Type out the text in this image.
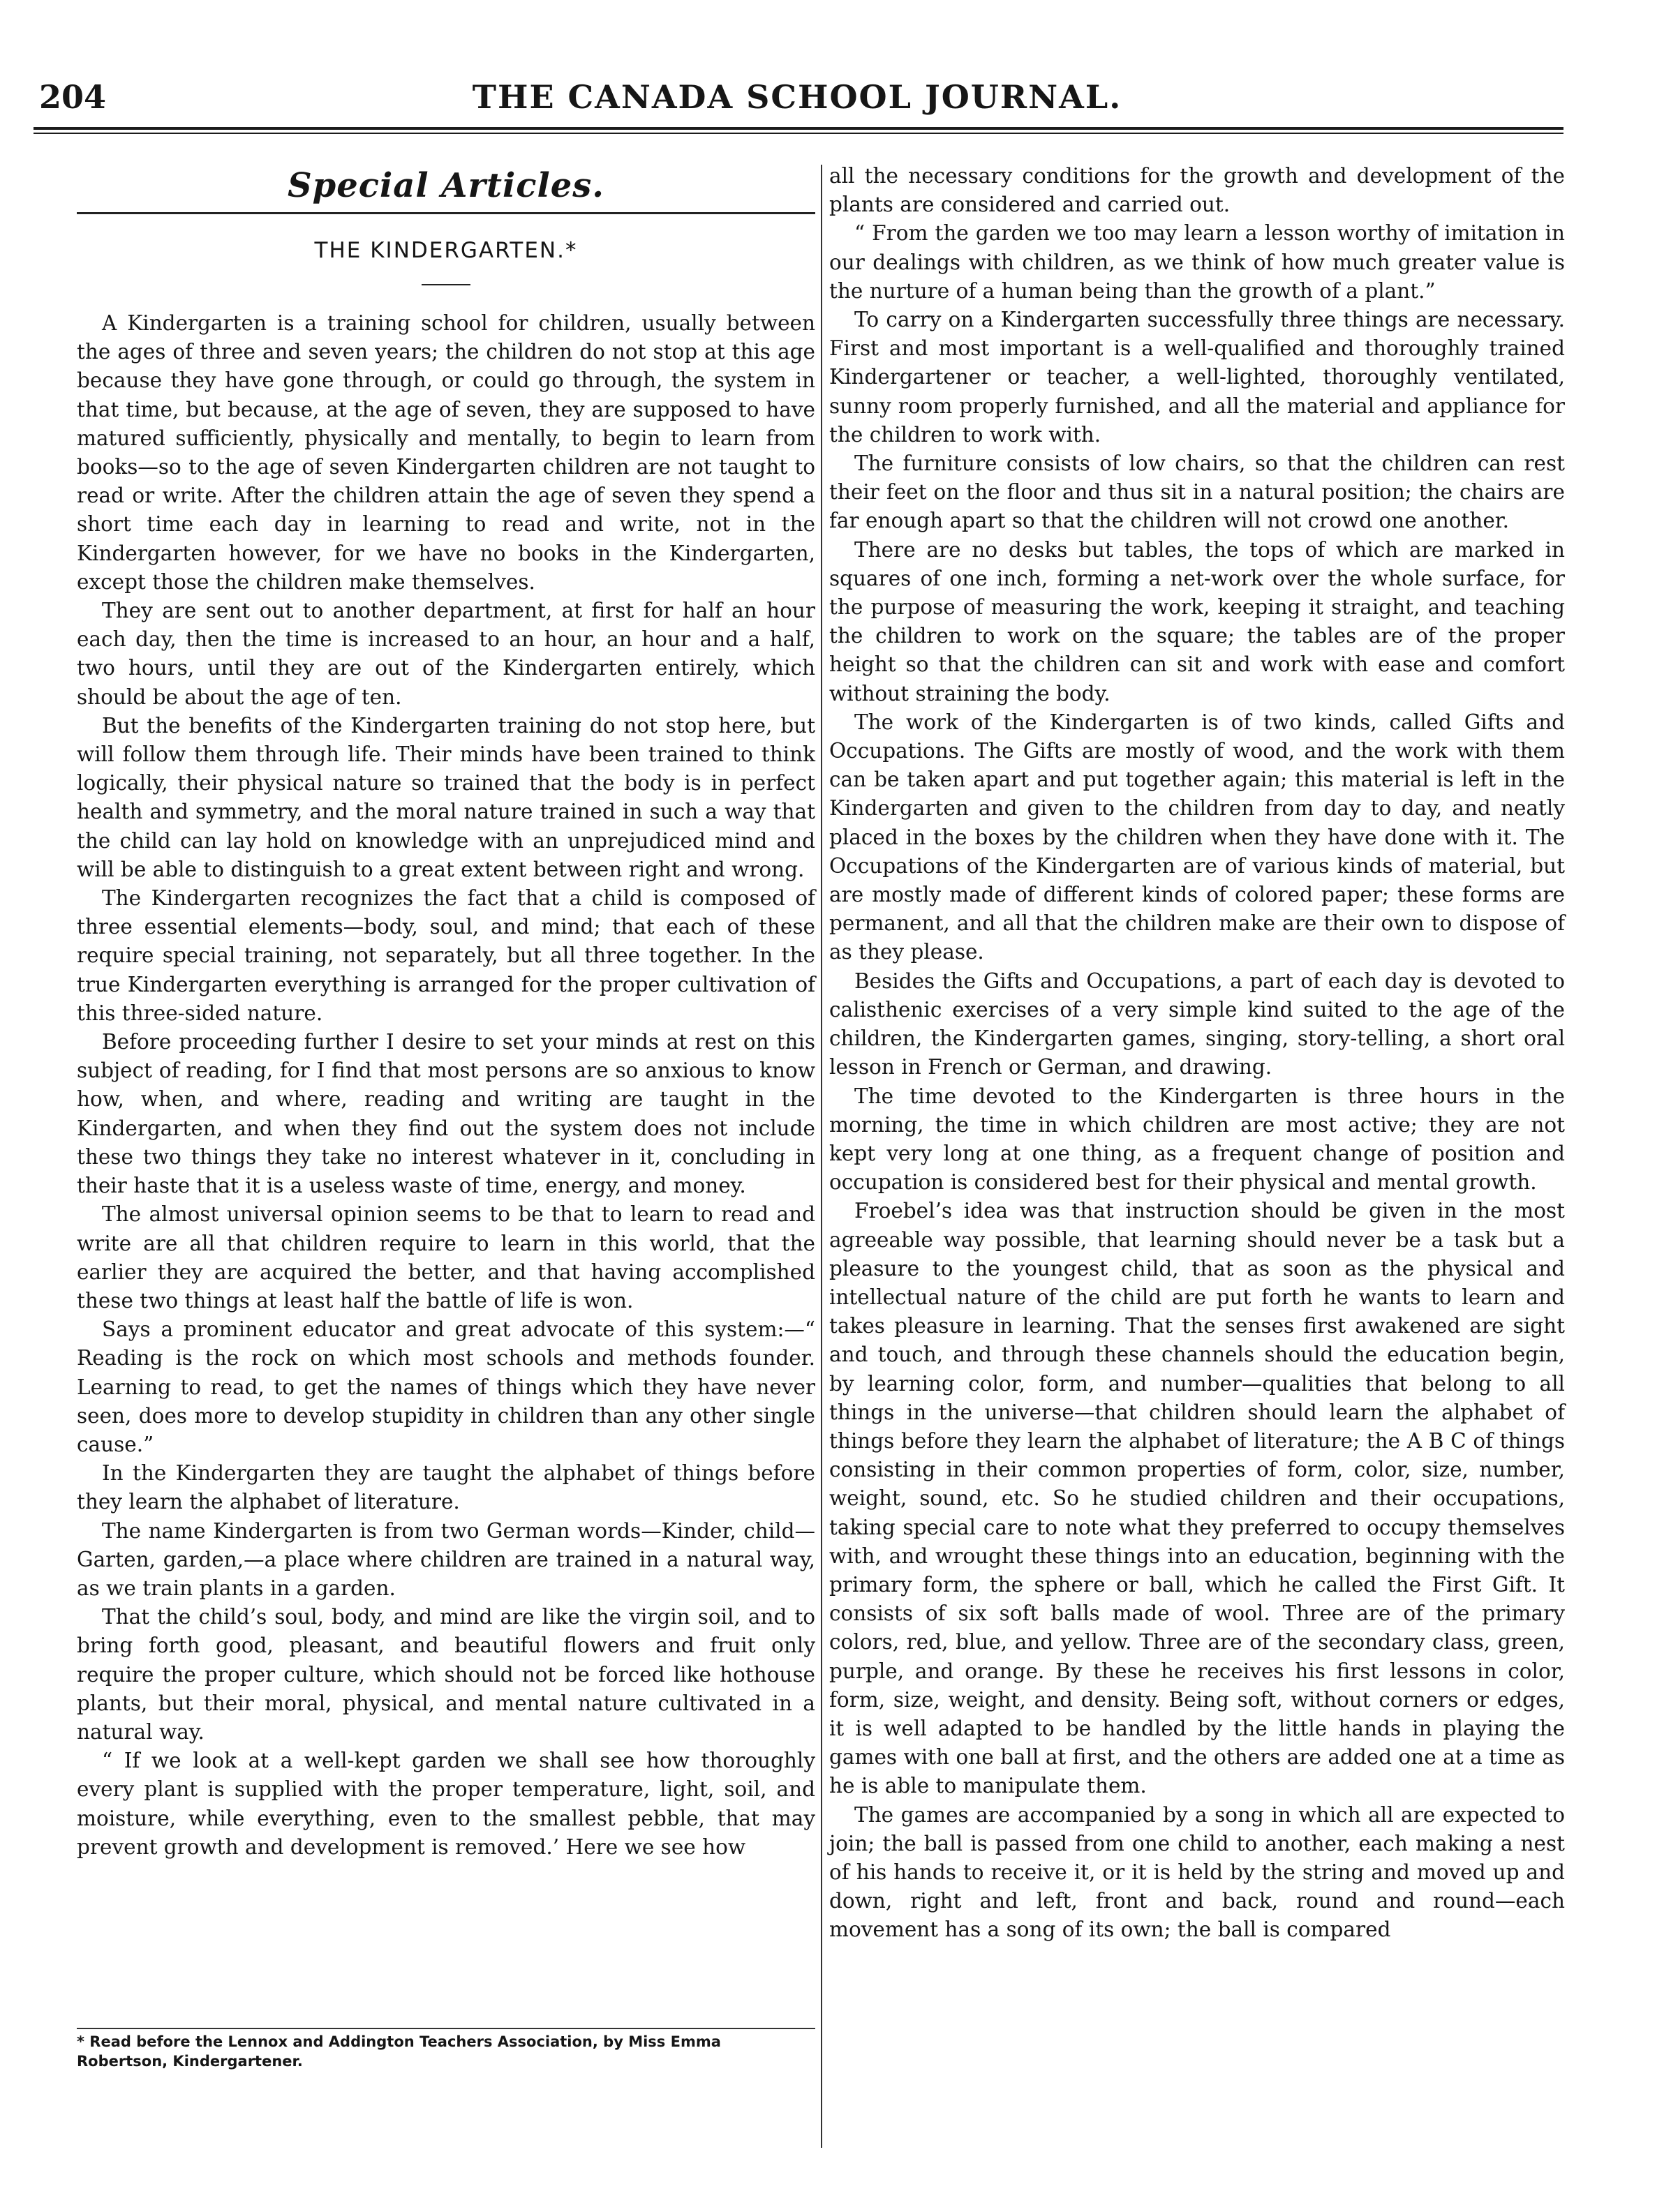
204	THE CANADA SCHOOL JOURNAL.
Special Articles.
THE KINDERGARTEN.*

A Kindergarten is a training school for children, usually between the ages of three and seven years; the children do not stop at this age because they have gone through, or could go through, the system in that time, but because, at the age of seven, they are supposed to have matured sufficiently, physically and mentally, to begin to learn from books—so to the age of seven Kindergarten children are not taught to read or write. After the children attain the age of seven they spend a short time each day in learning to read and write, not in the Kindergarten however, for we have no books in the Kindergarten, except those the children make themselves.

They are sent out to another department, at first for half an hour each day, then the time is increased to an hour, an hour and a half, two hours, until they are out of the Kindergarten entirely, which should be about the age of ten.

But the benefits of the Kindergarten training do not stop here, but will follow them through life. Their minds have been trained to think logically, their physical nature so trained that the body is in perfect health and symmetry, and the moral nature trained in such a way that the child can lay hold on knowledge with an unprejudiced mind and will be able to distinguish to a great extent between right and wrong.

The Kindergarten recognizes the fact that a child is composed of three essential elements—body, soul, and mind; that each of these require special training, not separately, but all three together. In the true Kindergarten everything is arranged for the proper cultivation of this three-sided nature.

Before proceeding further I desire to set your minds at rest on this subject of reading, for I find that most persons are so anxious to know how, when, and where, reading and writing are taught in the Kindergarten, and when they find out the system does not include these two things they take no interest whatever in it, concluding in their haste that it is a useless waste of time, energy, and money.

The almost universal opinion seems to be that to learn to read and write are all that children require to learn in this world, that the earlier they are acquired the better, and that having accomplished these two things at least half the battle of life is won.

Says a prominent educator and great advocate of this system:—“ Reading is the rock on which most schools and methods founder. Learning to read, to get the names of things which they have never seen, does more to develop stupidity in children than any other single cause.”

In the Kindergarten they are taught the alphabet of things before they learn the alphabet of literature.

The name Kindergarten is from two German words—Kinder, child—Garten, garden,—a place where children are trained in a natural way, as we train plants in a garden.

That the child’s soul, body, and mind are like the virgin soil, and to bring forth good, pleasant, and beautiful flowers and fruit only require the proper culture, which should not be forced like hothouse plants, but their moral, physical, and mental nature cultivated in a natural way.

“ If we look at a well-kept garden we shall see how thoroughly every plant is supplied with the proper temperature, light, soil, and moisture, while everything, even to the smallest pebble, that may prevent growth and development is removed.’ Here we see how

all the necessary conditions for the growth and development of the plants are considered and carried out.

“ From the garden we too may learn a lesson worthy of imitation in our dealings with children, as we think of how much greater value is the nurture of a human being than the growth of a plant.”

To carry on a Kindergarten successfully three things are necessary. First and most important is a well-qualified and thoroughly trained Kindergartener or teacher, a well-lighted, thoroughly ventilated, sunny room properly furnished, and all the material and appliance for the children to work with.

The furniture consists of low chairs, so that the children can rest their feet on the floor and thus sit in a natural position; the chairs are far enough apart so that the children will not crowd one another.

There are no desks but tables, the tops of which are marked in squares of one inch, forming a net-work over the whole surface, for the purpose of measuring the work, keeping it straight, and teaching the children to work on the square; the tables are of the proper height so that the children can sit and work with ease and comfort without straining the body.

The work of the Kindergarten is of two kinds, called Gifts and Occupations. The Gifts are mostly of wood, and the work with them can be taken apart and put together again; this material is left in the Kindergarten and given to the children from day to day, and neatly placed in the boxes by the children when they have done with it. The Occupations of the Kindergarten are of various kinds of material, but are mostly made of different kinds of colored paper; these forms are permanent, and all that the children make are their own to dispose of as they please.

Besides the Gifts and Occupations, a part of each day is devoted to calisthenic exercises of a very simple kind suited to the age of the children, the Kindergarten games, singing, story-telling, a short oral lesson in French or German, and drawing.

The time devoted to the Kindergarten is three hours in the morning, the time in which children are most active; they are not kept very long at one thing, as a frequent change of position and occupation is considered best for their physical and mental growth.

Froebel’s idea was that instruction should be given in the most agreeable way possible, that learning should never be a task but a pleasure to the youngest child, that as soon as the physical and intellectual nature of the child are put forth he wants to learn and takes pleasure in learning. That the senses first awakened are sight and touch, and through these channels should the education begin, by learning color, form, and number—qualities that belong to all things in the universe—that children should learn the alphabet of things before they learn the alphabet of literature; the A B C of things consisting in their common properties of form, color, size, number, weight, sound, etc. So he studied children and their occupations, taking special care to note what they preferred to occupy themselves with, and wrought these things into an education, beginning with the primary form, the sphere or ball, which he called the First Gift. It consists of six soft balls made of wool. Three are of the primary colors, red, blue, and yellow. Three are of the secondary class, green, purple, and orange. By these he receives his first lessons in color, form, size, weight, and density. Being soft, without corners or edges, it is well adapted to be handled by the little hands in playing the games with one ball at first, and the others are added one at a time as he is able to manipulate them.

The games are accompanied by a song in which all are expected to join; the ball is passed from one child to another, each making a nest of his hands to receive it, or it is held by the string and moved up and down, right and left, front and back, round and round—each movement has a song of its own; the ball is compared

* Read before the Lennox and Addington Teachers Association, by Miss Emma Robertson, Kindergartener.
